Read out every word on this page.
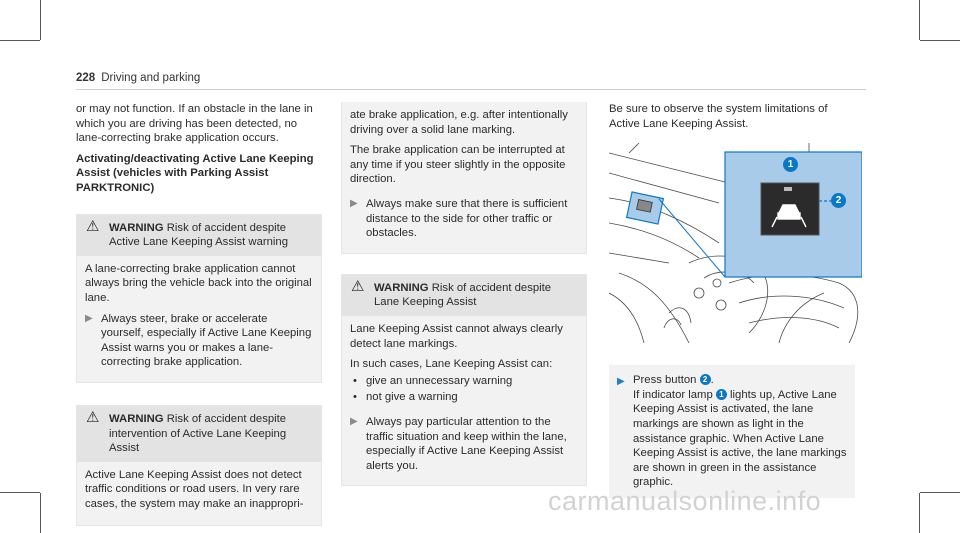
228 Driving and parking

or may not function. If an obstacle in the lane in which you are driving has been detected, no lane-correcting brake application occurs.

Activating/deactivating Active Lane Keeping Assist (vehicles with Parking Assist PARKTRONIC)
⚠ WARNING Risk of accident despite Active Lane Keeping Assist warning

A lane-correcting brake application cannot always bring the vehicle back into the original lane.

▶ Always steer, brake or accelerate yourself, especially if Active Lane Keeping Assist warns you or makes a lane-correcting brake application.
⚠ WARNING Risk of accident despite intervention of Active Lane Keeping Assist

Active Lane Keeping Assist does not detect traffic conditions or road users. In very rare cases, the system may make an inappropri-

ate brake application, e.g. after intentionally driving over a solid lane marking.

The brake application can be interrupted at any time if you steer slightly in the opposite direction.

▶ Always make sure that there is sufficient distance to the side for other traffic or obstacles.
⚠ WARNING Risk of accident despite Lane Keeping Assist

Lane Keeping Assist cannot always clearly detect lane markings.

In such cases, Lane Keeping Assist can:

• give an unnecessary warning
• not give a warning
▶ Always pay particular attention to the traffic situation and keep within the lane, especially if Active Lane Keeping Assist alerts you.

Be sure to observe the system limitations of Active Lane Keeping Assist.

1
2
▶ Press button 2 .
If indicator lamp 1 lights up, Active Lane Keeping Assist is activated, the lane markings are shown as light in the assistance graphic. When Active Lane Keeping Assist is active, the lane markings are shown in green in the assistance graphic.
carmanualsonline.info
